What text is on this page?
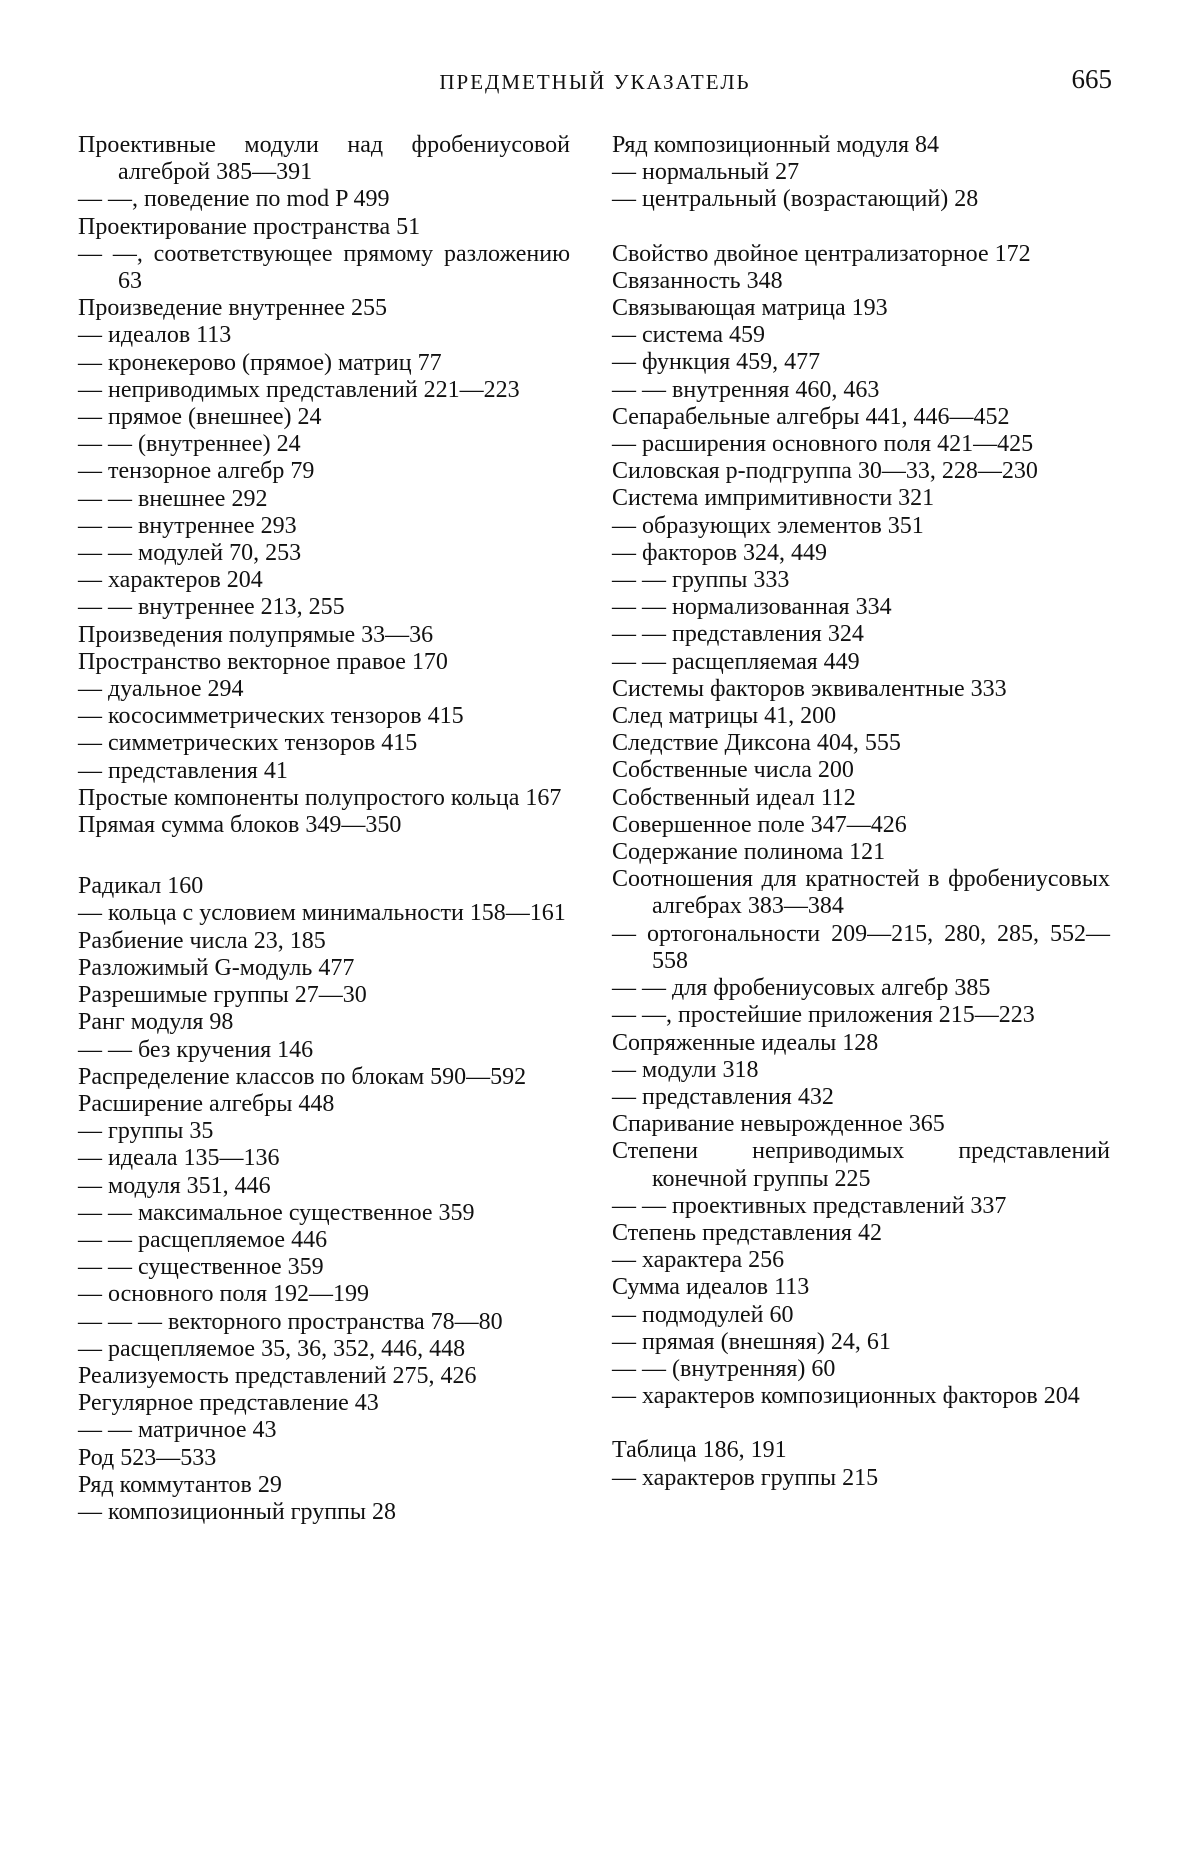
ПРЕДМЕТНЫЙ УКАЗАТЕЛЬ	665

Проективные модули над фробениусовой алгеброй 385—391

— —, поведение по mod P 499

Проектирование пространства 51

— —, соответствующее прямому разложению 63

Произведение внутреннее 255

— идеалов 113

— кронекерово (прямое) матриц 77

— неприводимых представлений 221—223

— прямое (внешнее) 24

— — (внутреннее) 24

— тензорное алгебр 79

— — внешнее 292

— — внутреннее 293

— — модулей 70, 253

— характеров 204

— — внутреннее 213, 255

Произведения полупрямые 33—36

Пространство векторное правое 170

— дуальное 294

— кососимметрических тензоров 415

— симметрических тензоров 415

— представления 41

Простые компоненты полупростого кольца 167

Прямая сумма блоков 349—350

Радикал 160

— кольца с условием минимальности 158—161

Разбиение числа 23, 185

Разложимый G-модуль 477

Разрешимые группы 27—30

Ранг модуля 98

— — без кручения 146

Распределение классов по блокам 590—592

Расширение алгебры 448

— группы 35

— идеала 135—136

— модуля 351, 446

— — максимальное существенное 359

— — расщепляемое 446

— — существенное 359

— основного поля 192—199

— — — векторного пространства 78—80

— расщепляемое 35, 36, 352, 446, 448

Реализуемость представлений 275, 426

Регулярное представление 43

— — матричное 43

Род 523—533

Ряд коммутантов 29

— композиционный группы 28

Ряд композиционный модуля 84

— нормальный 27

— центральный (возрастающий) 28

Свойство двойное централизаторное 172

Связанность 348

Связывающая матрица 193

— система 459

— функция 459, 477

— — внутренняя 460, 463

Сепарабельные алгебры 441, 446—452

— расширения основного поля 421—425

Силовская p-подгруппа 30—33, 228—230

Система импримитивности 321

— образующих элементов 351

— факторов 324, 449

— — группы 333

— — нормализованная 334

— — представления 324

— — расщепляемая 449

Системы факторов эквивалентные 333

След матрицы 41, 200

Следствие Диксона 404, 555

Собственные числа 200

Собственный идеал 112

Совершенное поле 347—426

Содержание полинома 121

Соотношения для кратностей в фробениусовых алгебрах 383—384

— ортогональности 209—215, 280, 285, 552—558

— — для фробениусовых алгебр 385

— —, простейшие приложения 215—223

Сопряженные идеалы 128

— модули 318

— представления 432

Спаривание невырожденное 365

Степени неприводимых представлений конечной группы 225

— — проективных представлений 337

Степень представления 42

— характера 256

Сумма идеалов 113

— подмодулей 60

— прямая (внешняя) 24, 61

— — (внутренняя) 60

— характеров композиционных факторов 204

Таблица 186, 191

— характеров группы 215
